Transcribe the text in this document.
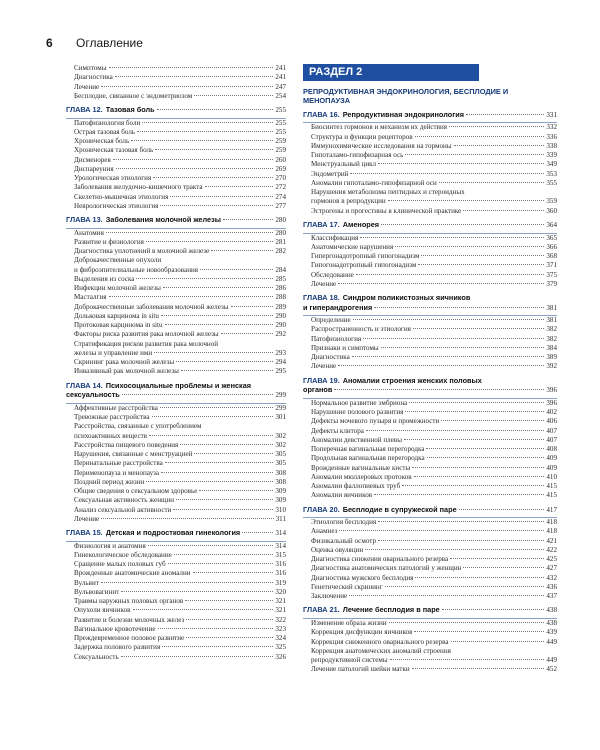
6 Оглавление
Симптомы	241
Диагностика	241
Лечение	247
Бесплодие, связанное с эндометриозом	254
ГЛАВА 12. Тазовая боль	255
Патофизиология боли	255
Острая тазовая боль	255
Хроническая боль	259
Хроническая тазовая боль	259
Дисменорея	260
Диспареуния	269
Урологическая этиология	270
Заболевания желудочно-кишечного тракта	272
Скелетно-мышечная этиология	274
Неврологическая этиология	277
ГЛАВА 13. Заболевания молочной железы	280
Анатомия	280
Развитие и физиология	281
Диагностика уплотнений в молочной железе	282
Доброкачественные опухоли
и фиброэпителиальные новообразования	284
Выделения из соска	285
Инфекции молочной железы	286
Масталгия	288
Доброкачественные заболевания молочной железы	289
Дольковая карцинома in situ	290
Протоковая карцинома in situ	290
Факторы риска развития рака молочной железы	292
Стратификация рисков развития рака молочной
железы и управление ими	293
Скрининг рака молочной железы	294
Инвазивный рак молочной железы	295
ГЛАВА 14. Психосоциальные проблемы и женская
сексуальность	299
Аффективные расстройства	299
Тревожные расстройства	301
Расстройства, связанные с употреблением
психоактивных веществ	302
Расстройства пищевого поведения	302
Нарушения, связанные с менструацией	305
Перинатальные расстройства	305
Перименопауза и менопауза	308
Поздний период жизни	308
Общие сведения о сексуальном здоровье	309
Сексуальная активность женщин	309
Анализ сексуальной активности	310
Лечение	311
ГЛАВА 15. Детская и подростковая гинекология	314
Физиология и анатомия	314
Гинекологическое обследование	315
Сращение малых половых губ	316
Врожденные анатомические аномалии	316
Вульвит	319
Вульвовагинит	320
Травмы наружных половых органов	321
Опухоли яичников	321
Развитие и болезни молочных желез	322
Вагинальное кровотечение	323
Преждевременное половое развитие	324
Задержка полового развития	325
Сексуальность	326
РАЗДЕЛ 2
РЕПРОДУКТИВНАЯ ЭНДОКРИНОЛОГИЯ, БЕСПЛОДИЕ И МЕНОПАУЗА
ГЛАВА 16. Репродуктивная эндокринология	331
Биосинтез гормонов и механизм их действия	332
Структура и функции рецепторов	336
Иммунохимические исследования на гормоны	338
Гипоталамо-гипофизарная ось	339
Менструальный цикл	349
Эндометрий	353
Аномалии гипоталамо-гипофизарной оси	355
Нарушения метаболизма пептидных и стероидных
гормонов в репродукции	359
Эстрогены и прогестины в клинической практике	360
ГЛАВА 17. Аменорея	364
Классификация	365
Анатомические нарушения	366
Гипергонадотропный гипогонадизм	368
Гипогонадотропный гипогонадизм	371
Обследование	375
Лечение	379
ГЛАВА 18. Синдром поликистозных яичников
и гиперандрогения	381
Определение	381
Распространенность и этиология	382
Патофизиология	382
Признаки и симптомы	384
Диагностика	389
Лечение	392
ГЛАВА 19. Аномалии строения женских половых
органов	396
Нормальное развитие эмбриона	396
Нарушение полового развития	402
Дефекты мочевого пузыря и промежности	406
Дефекты клитора	407
Аномалии девственной плевы	407
Поперечная вагинальная перегородка	408
Продольная вагинальная перегородка	409
Врожденные вагинальные кисты	409
Аномалии мюллеровых протоков	410
Аномалии фаллопиевых труб	415
Аномалии яичников	415
ГЛАВА 20. Бесплодие в супружеской паре	417
Этиология бесплодия	418
Анамнез	418
Физикальный осмотр	421
Оценка овуляции	422
Диагностика снижения овариального резерва	425
Диагностика анатомических патологий у женщин	427
Диагностика мужского бесплодия	432
Генетический скрининг	436
Заключение	437
ГЛАВА 21. Лечение бесплодия в паре	438
Изменение образа жизни	438
Коррекция дисфункции яичников	439
Коррекция сниженного овариального резерва	449
Коррекция анатомических аномалий строения
репродуктивной системы	449
Лечение патологий шейки матки	452
